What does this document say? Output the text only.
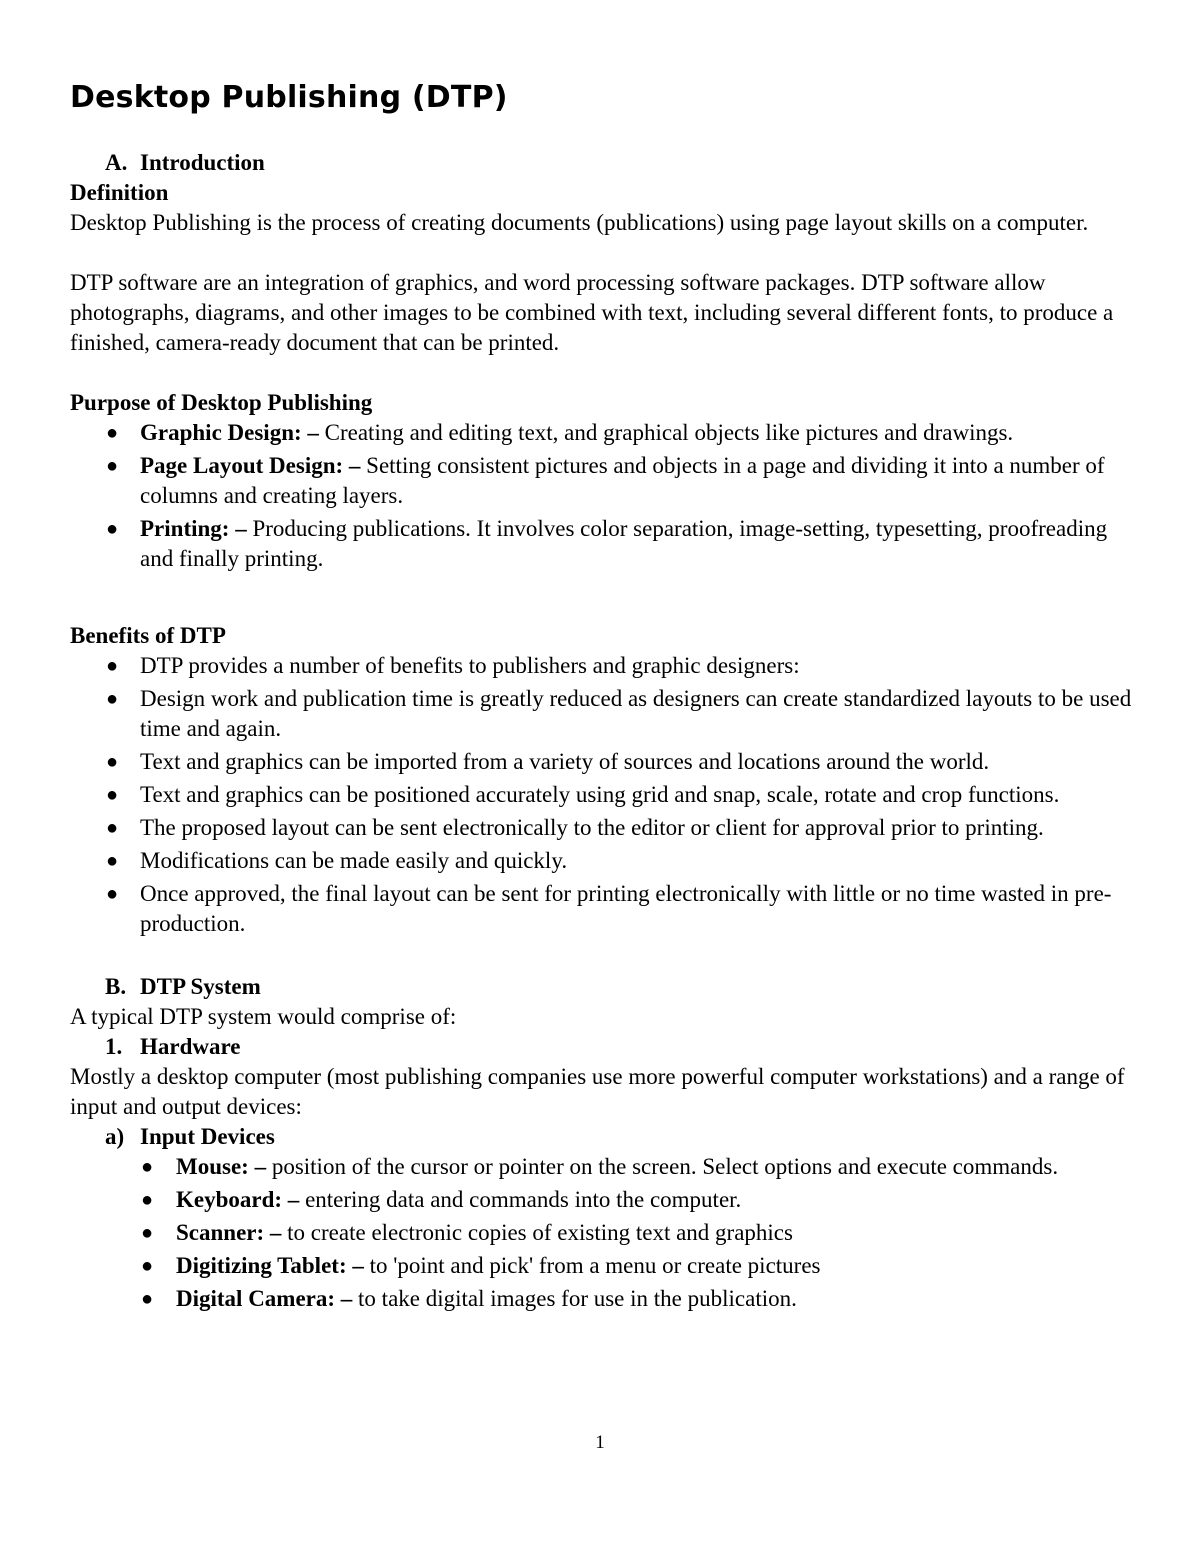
Desktop Publishing (DTP)

A. Introduction

Definition

Desktop Publishing is the process of creating documents (publications) using page layout skills on a computer.

DTP software are an integration of graphics, and word processing software packages. DTP software allow photographs, diagrams, and other images to be combined with text, including several different fonts, to produce a finished, camera-ready document that can be printed.

Purpose of Desktop Publishing

● Graphic Design: – Creating and editing text, and graphical objects like pictures and drawings.
● Page Layout Design: – Setting consistent pictures and objects in a page and dividing it into a number of columns and creating layers.
● Printing: – Producing publications. It involves color separation, image-setting, typesetting, proofreading and finally printing.

Benefits of DTP

● DTP provides a number of benefits to publishers and graphic designers:
● Design work and publication time is greatly reduced as designers can create standardized layouts to be used time and again.
● Text and graphics can be imported from a variety of sources and locations around the world.
● Text and graphics can be positioned accurately using grid and snap, scale, rotate and crop functions.
● The proposed layout can be sent electronically to the editor or client for approval prior to printing.
● Modifications can be made easily and quickly.
● Once approved, the final layout can be sent for printing electronically with little or no time wasted in pre-production.

B. DTP System

A typical DTP system would comprise of:

1. Hardware

Mostly a desktop computer (most publishing companies use more powerful computer workstations) and a range of input and output devices:

a) Input Devices

● Mouse: – position of the cursor or pointer on the screen. Select options and execute commands.
● Keyboard: – entering data and commands into the computer.
● Scanner: – to create electronic copies of existing text and graphics
● Digitizing Tablet: – to 'point and pick' from a menu or create pictures
● Digital Camera: – to take digital images for use in the publication.
1
